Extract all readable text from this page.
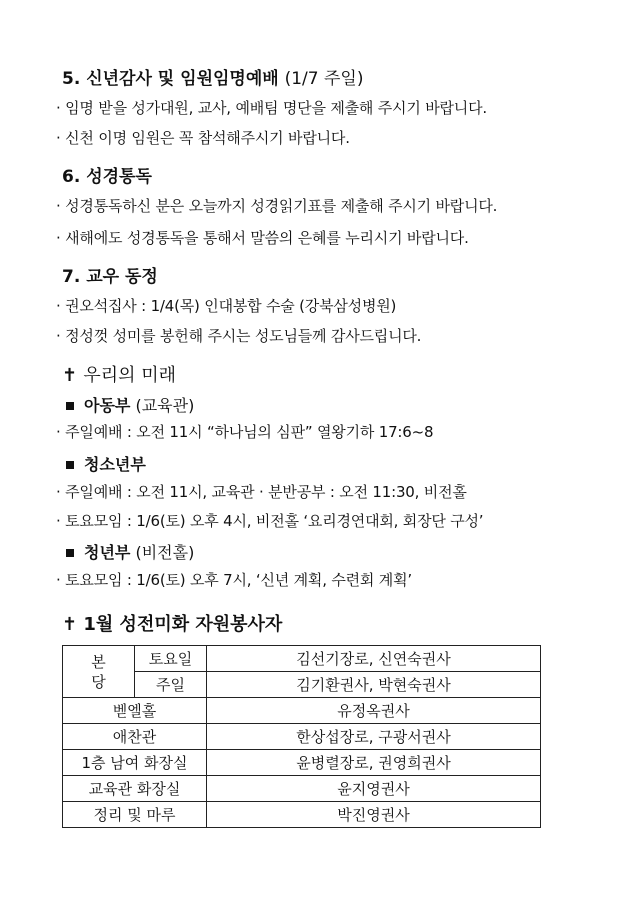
5. 신년감사 및 임원임명예배 (1/7 주일)
· 임명 받을 성가대원, 교사, 예배팀 명단을 제출해 주시기 바랍니다.
· 신천 이명 임원은 꼭 참석해주시기 바랍니다.
6. 성경통독
· 성경통독하신 분은 오늘까지 성경읽기표를 제출해 주시기 바랍니다.
· 새해에도 성경통독을 통해서 말씀의 은혜를 누리시기 바랍니다.
7. 교우 동정
· 권오석집사 : 1/4(목) 인대봉합 수술 (강북삼성병원)
· 정성껏 성미를 봉헌해 주시는 성도님들께 감사드립니다.
✝ 우리의 미래
아동부 (교육관)
· 주일예배 : 오전 11시 “하나님의 심판” 열왕기하 17:6~8
청소년부
· 주일예배 : 오전 11시, 교육관 · 분반공부 : 오전 11:30, 비전홀
· 토요모임 : 1/6(토) 오후 4시, 비전홀 ‘요리경연대회, 회장단 구성’
청년부 (비전홀)
· 토요모임 : 1/6(토) 오후 7시, ‘신년 계획, 수련회 계획’
✝ 1월 성전미화 자원봉사자
본
당	토요일	김선기장로, 신연숙권사
	주일	김기환권사, 박현숙권사
벧엘홀		유정옥권사
애찬관		한상섭장로, 구광서권사
1층 남여 화장실		윤병렬장로, 권영희권사
교육관 화장실		윤지영권사
정리 및 마루		박진영권사
